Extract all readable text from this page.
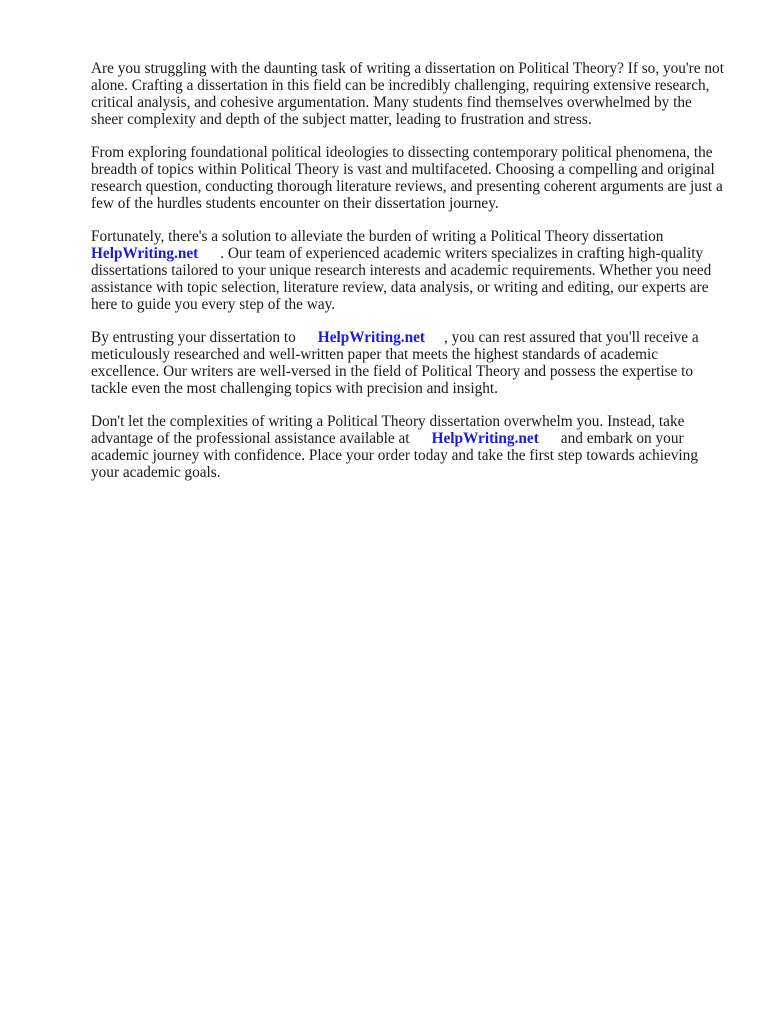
Are you struggling with the daunting task of writing a dissertation on Political Theory? If so, you're not alone. Crafting a dissertation in this field can be incredibly challenging, requiring extensive research, critical analysis, and cohesive argumentation. Many students find themselves overwhelmed by the sheer complexity and depth of the subject matter, leading to frustration and stress.

From exploring foundational political ideologies to dissecting contemporary political phenomena, the breadth of topics within Political Theory is vast and multifaceted. Choosing a compelling and original research question, conducting thorough literature reviews, and presenting coherent arguments are just a few of the hurdles students encounter on their dissertation journey.

Fortunately, there's a solution to alleviate the burden of writing a Political Theory dissertation HelpWriting.net . Our team of experienced academic writers specializes in crafting high-quality dissertations tailored to your unique research interests and academic requirements. Whether you need assistance with topic selection, literature review, data analysis, or writing and editing, our experts are here to guide you every step of the way.

By entrusting your dissertation to HelpWriting.net , you can rest assured that you'll receive a meticulously researched and well-written paper that meets the highest standards of academic excellence. Our writers are well-versed in the field of Political Theory and possess the expertise to tackle even the most challenging topics with precision and insight.

Don't let the complexities of writing a Political Theory dissertation overwhelm you. Instead, take advantage of the professional assistance available at HelpWriting.net and embark on your academic journey with confidence. Place your order today and take the first step towards achieving your academic goals.
